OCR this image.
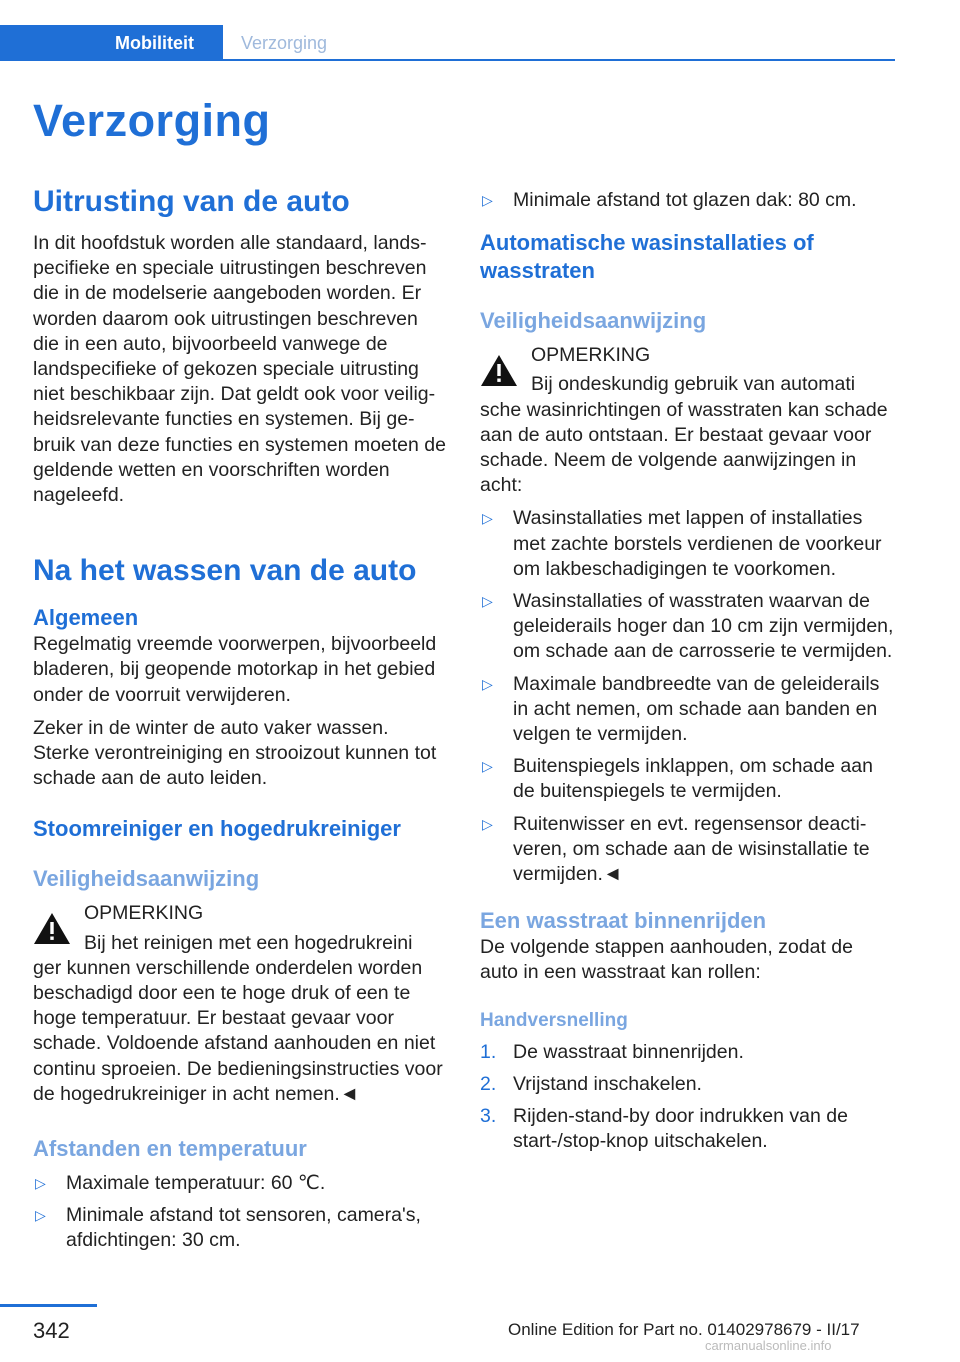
Mobiliteit	Verzorging
Verzorging
Uitrusting van de auto
In dit hoofdstuk worden alle standaard, landspecifieke en speciale uitrustingen beschreven die in de modelserie aangeboden worden. Er worden daarom ook uitrustingen beschreven die in een auto, bijvoorbeeld vanwege de landspecifieke of gekozen speciale uitrusting niet beschikbaar zijn. Dat geldt ook voor veiligheidsrelevante functies en systemen. Bij gebruik van deze functies en systemen moeten de geldende wetten en voorschriften worden nageleefd.
Na het wassen van de auto
Algemeen
Regelmatig vreemde voorwerpen, bijvoorbeeld bladeren, bij geopende motorkap in het gebied onder de voorruit verwijderen.
Zeker in de winter de auto vaker wassen. Sterke verontreiniging en strooizout kunnen tot schade aan de auto leiden.
Stoomreiniger en hogedrukreiniger
Veiligheidsaanwijzing
OPMERKING
Bij het reinigen met een hogedrukreini
ger kunnen verschillende onderdelen worden beschadigd door een te hoge druk of een te hoge temperatuur. Er bestaat gevaar voor schade. Voldoende afstand aanhouden en niet continu sproeien. De bedieningsinstructies voor de hogedrukreiniger in acht nemen.◄
Afstanden en temperatuur
▷ Maximale temperatuur: 60 ℃.
▷ Minimale afstand tot sensoren, camera's, afdichtingen: 30 cm.
▷ Minimale afstand tot glazen dak: 80 cm.
Automatische wasinstallaties of wasstraten
Veiligheidsaanwijzing
OPMERKING
Bij ondeskundig gebruik van automati
sche wasinrichtingen of wasstraten kan schade aan de auto ontstaan. Er bestaat gevaar voor schade. Neem de volgende aanwijzingen in acht:
▷ Wasinstallaties met lappen of installaties met zachte borstels verdienen de voorkeur om lakbeschadigingen te voorkomen.
▷ Wasinstallaties of wasstraten waarvan de geleiderails hoger dan 10 cm zijn vermijden, om schade aan de carrosserie te vermijden.
▷ Maximale bandbreedte van de geleiderails in acht nemen, om schade aan banden en velgen te vermijden.
▷ Buitenspiegels inklappen, om schade aan de buitenspiegels te vermijden.
▷ Ruitenwisser en evt. regensensor deactiveren, om schade aan de wisinstallatie te vermijden.◄
Een wasstraat binnenrijden
De volgende stappen aanhouden, zodat de auto in een wasstraat kan rollen:
Handversnelling
1. De wasstraat binnenrijden.
2. Vrijstand inschakelen.
3. Rijden-stand-by door indrukken van de start-/stop-knop uitschakelen.
342	Online Edition for Part no. 01402978679 - II/17
carmanualsonline.info
